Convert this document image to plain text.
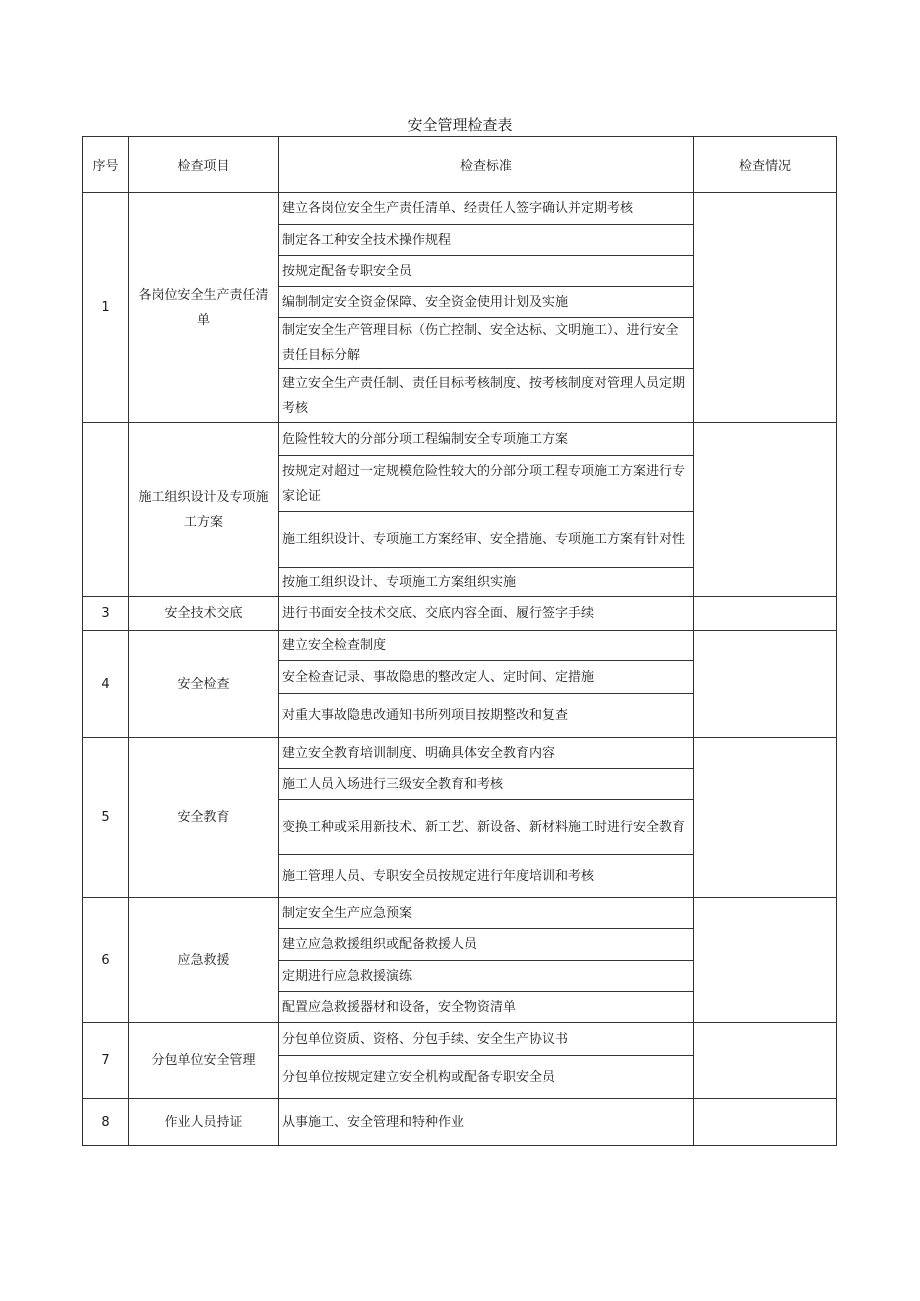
安全管理检查表
序号	检查项目	检查标准	检查情况
1	各岗位安全生产责任清单	建立各岗位安全生产责任清单、经责任人签字确认并定期考核	
		制定各工种安全技术操作规程	
		按规定配备专职安全员	
		编制制定安全资金保障、安全资金使用计划及实施	
		制定安全生产管理目标（伤亡控制、安全达标、文明施工）、进行安全责任目标分解	
		建立安全生产责任制、责任目标考核制度、按考核制度对管理人员定期考核	
	施工组织设计及专项施工方案	危险性较大的分部分项工程编制安全专项施工方案	
		按规定对超过一定规模危险性较大的分部分项工程专项施工方案进行专家论证	
		施工组织设计、专项施工方案经审、安全措施、专项施工方案有针对性	
		按施工组织设计、专项施工方案组织实施	
3	安全技术交底	进行书面安全技术交底、交底内容全面、履行签字手续	
4	安全检查	建立安全检查制度	
		安全检查记录、事故隐患的整改定人、定时间、定措施	
		对重大事故隐患改通知书所列项目按期整改和复查	
5	安全教育	建立安全教育培训制度、明确具体安全教育内容	
		施工人员入场进行三级安全教育和考核	
		变换工种或采用新技术、新工艺、新设备、新材料施工时进行安全教育	
		施工管理人员、专职安全员按规定进行年度培训和考核	
6	应急救援	制定安全生产应急预案	
		建立应急救援组织或配备救援人员	
		定期进行应急救援演练	
		配置应急救援器材和设备，安全物资清单	
7	分包单位安全管理	分包单位资质、资格、分包手续、安全生产协议书	
		分包单位按规定建立安全机构或配备专职安全员	
8	作业人员持证	从事施工、安全管理和特种作业	
